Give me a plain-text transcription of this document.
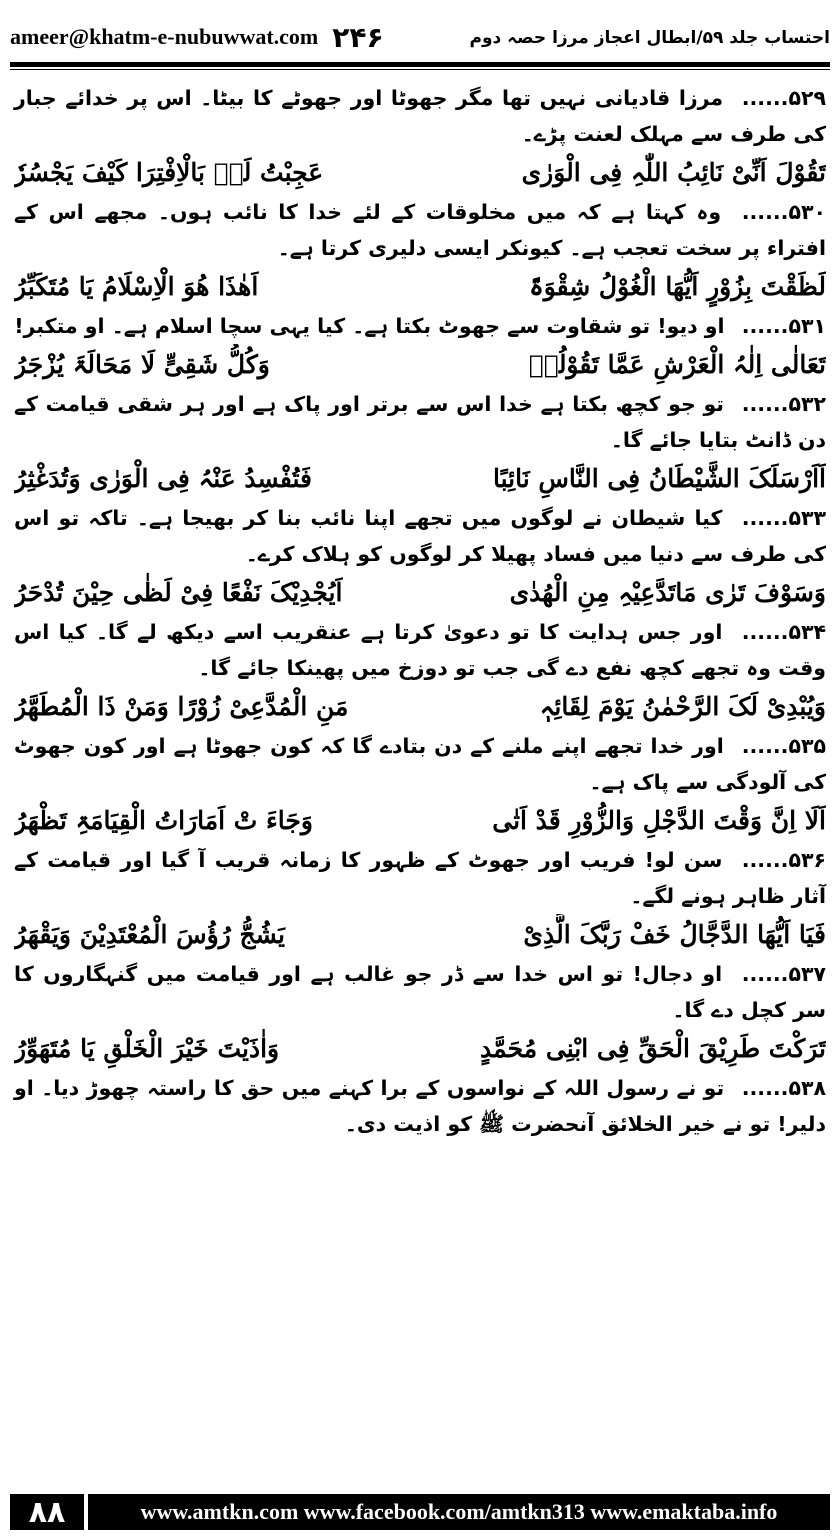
ameer@khatm-e-nubuwwat.com ۲۴۶	احتساب جلد ۵۹/ابطال اعجاز مرزا حصہ دوم
۵۲۹...... مرزا قادیانی نہیں تھا مگر جھوٹا اور جھوٹے کا بیٹا۔ اس پر خدائے جبار کی طرف سے مہلک لعنت پڑے۔
تَقُوْلَ اَنِّیْ نَائِبُ اللّٰہِ فِی الْوَرٰی
عَجِبْتُ لَہٗ بَالْاِفْتِرَا کَیْفَ یَجْسُرٗ
۵۳۰...... وہ کہتا ہے کہ میں مخلوقات کے لئے خدا کا نائب ہوں۔ مجھے اس کے افتراء پر سخت تعجب ہے۔ کیونکر ایسی دلیری کرتا ہے۔
لَظَقْتَ بِزُوْرٍ اَیُّھَا الْغُوْلُ شِقْوَۃً
اَھٰذَا ھُوَ الْاِسْلَامُ یَا مُتَکَبِّرُ
۵۳۱...... او دیو! تو شقاوت سے جھوٹ بکتا ہے۔ کیا یہی سچا اسلام ہے۔ او متکبر!
تَعَالٰی اِلٰہُ الْعَرْشِ عَمَّا تَقُوْلُہٗ
وَکُلُّ شَقِیٍّ لَا مَحَالَۃَ یُزْجَرُ
۵۳۲...... تو جو کچھ بکتا ہے خدا اس سے برتر اور پاک ہے اور ہر شقی قیامت کے دن ڈانٹ بتایا جائے گا۔
اَاَرْسَلَکَ الشَّیْطَانُ فِی النَّاسِ نَائِبًا
فَتُفْسِدُ عَنْہُ فِی الْوَرٰی وَتُدَغْثِرُ
۵۳۳...... کیا شیطان نے لوگوں میں تجھے اپنا نائب بنا کر بھیجا ہے۔ تاکہ تو اس کی طرف سے دنیا میں فساد پھیلا کر لوگوں کو ہلاک کرے۔
وَسَوْفَ تَرٰی مَاتَدَّعِیْہِ مِنِ الْھُدٰی
اَیُجْدِیْکَ نَفْعًا فِیْ لَظٰی حِیْنَ تُدْحَرُ
۵۳۴...... اور جس ہدایت کا تو دعویٰ کرتا ہے عنقریب اسے دیکھ لے گا۔ کیا اس وقت وہ تجھے کچھ نفع دے گی جب تو دوزخ میں پھینکا جائے گا۔
وَیُبْدِیْ لَکَ الرَّحْمٰنُ یَوْمَ لِقَائِہٖ
مَنِ الْمُدَّعِیْ زُوْرًا وَمَنْ ذَا الْمُطَھَّرُ
۵۳۵...... اور خدا تجھے اپنے ملنے کے دن بتادے گا کہ کون جھوٹا ہے اور کون جھوٹ کی آلودگی سے پاک ہے۔
اَلَا اِنَّ وَقْتَ الدَّجْلِ وَالزُّوْرِ قَدْ اَتٰی
وَجَاءَ تْ اَمَارَاتُ الْقِیَامَۃِ تَظْھَرُ
۵۳۶...... سن لو! فریب اور جھوٹ کے ظہور کا زمانہ قریب آ گیا اور قیامت کے آثار ظاہر ہونے لگے۔
فَیَا اَیُّھَا الدَّجَّالُ خَفْ رَبَّکَ الَّذِیْ
یَشُجُّ رُؤُسَ الْمُعْتَدِیْنَ وَیَقْھَرُ
۵۳۷...... او دجال! تو اس خدا سے ڈر جو غالب ہے اور قیامت میں گنہگاروں کا سر کچل دے گا۔
تَرَکْتَ طَرِیْقَ الْحَقِّ فِی ابْنِی مُحَمَّدٍ
وَاٰذَیْتَ خَیْرَ الْخَلْقِ یَا مُتَھَوِّرُ
۵۳۸...... تو نے رسول اللہ کے نواسوں کے برا کہنے میں حق کا راستہ چھوڑ دیا۔ او دلیر! تو نے خیر الخلائق آنحضرت ﷺ کو اذیت دی۔
۸۸	www.amtkn.com www.facebook.com/amtkn313 www.emaktaba.info
